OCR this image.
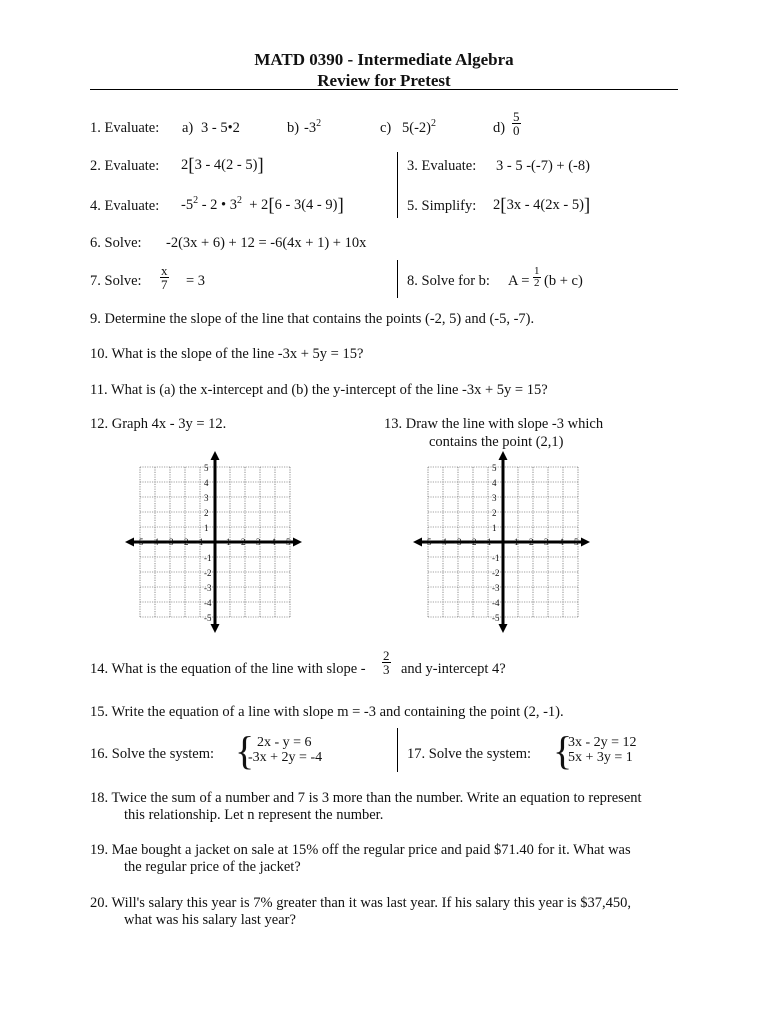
MATD 0390 - Intermediate Algebra
Review for Pretest
1. Evaluate: a) 3 - 5•2	b) $-3^2$	c) $5(-2)^2$	$d) \frac{5}{0}$
2. Evaluate: 2[3 - 4(2 - 5)]	3. Evaluate: 3 - 5 -(-7) + (-8)
4. Evaluate: $-5^2 - 2$ • $3^2 + 2[6 - 3(4 - 9)]$	5. Simplify: 2[3x - 4(2x - 5)]
6. Solve: -2(3x + 6) + 12 = -6(4x + 1) + 10x
7. Solve: $\frac{x}{7} = 3$	8. Solve for b: $A = \frac{1}{2} (b + c)$
9. Determine the slope of the line that contains the points (-2, 5) and (-5, -7).
10. What is the slope of the line -3x + 5y = 15?
11. What is (a) the x-intercept and (b) the y-intercept of the line -3x + 5y = 15?
12. Graph 4x - 3y = 12.	13. Draw the line with slope -3 which
contains the point (2,1)
-5 -4 -3 -2 -1	1 2 3 4 5
5
4
3
2
1
-1
-2
-3
-4
-5
-5 -4 -3 -2 -1	1 2 3 4 5
5
4
3
2
1
-1
-2
-3
-4
-5
14. What is the equation of the line with slope - $\frac{2}{3}$ and y-intercept 4?
15. Write the equation of a line with slope m = -3 and containing the point (2, -1).
16. Solve the system: { 2x - y = 6
-3x + 2y = -4	17. Solve the system: {
3x - 2y = 12
5x + 3y = 1
18. Twice the sum of a number and 7 is 3 more than the number. Write an equation to represent
this relationship. Let n represent the number.
19. Mae bought a jacket on sale at 15% off the regular price and paid $71.40 for it. What was
the regular price of the jacket?
20. Will's salary this year is 7% greater than it was last year. If his salary this year is $37,450,
what was his salary last year?
